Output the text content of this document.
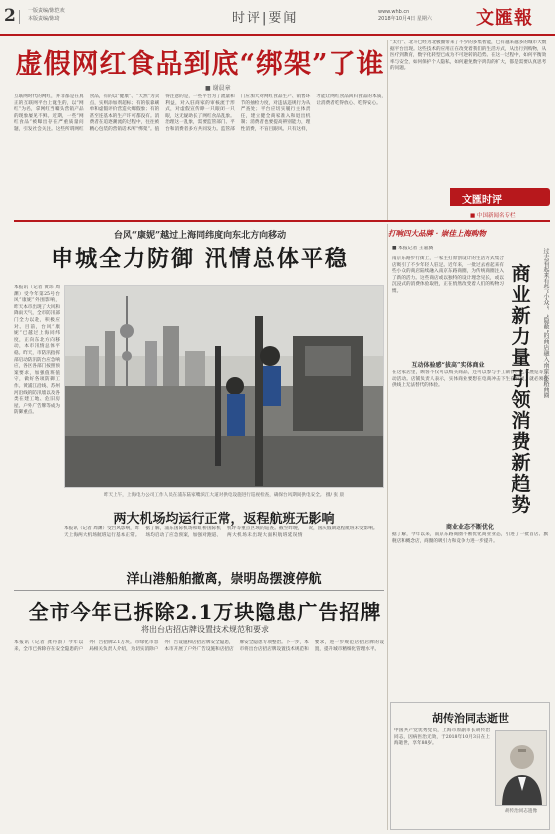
2	一版责编/陈恺欢
本版责编/陈琦	时评|要闻	www.whb.cn
2018年10月4日 星期六	文匯報
虚假网红食品到底“绑架”了谁
■ 谢晨章
互联网时代的网红，并非都是在真正的互联网平台上诞生的，以“网红”为名，拿网红当噱头营销产品的现象屡见不鲜。近期，一些“网红食品”被曝出存在严重质量问题，引发社会关注。这些所谓网红食品，有的以“健康”、“天然”为卖点，实则添加剂超标；有的依靠刷单和虚假评价营造火爆假象；有的甚至连基本的生产许可都没有。消费者在追逐潮流的过程中，往往被精心包装的营销话术所“绑架”。值得注意的是，一些平台为了流量和利益，对入驻商家的审核流于形式，对虚假宣传睁一只眼闭一只眼，这无疑助长了网红食品乱象。治理这一乱象，需要监管部门、平台和消费者多方共同发力。监管部门应加大对网红食品生产、销售环节的抽检力度，对违法违规行为从严查处；平台应切实履行主体责任，建立健全商家准入和退出机制；消费者也要提高辨别能力，理性消费，不盲目跟风。只有这样，才能让网红食品回归食品的本质，让消费者吃得放心、吃得安心。
“太行”、北斗已经为北极圈带来了不少的多集智能，已有越来越多的城市大数据平台出现。这些技术的应用正在改变着我们的生活方式，从出行到购物，从医疗到教育，数字化转型已成为不可逆转的趋势。在这一过程中，如何平衡效率与安全，如何保护个人隐私，如何避免数字鸿沟的扩大，都是需要认真思考的问题。
文匯时评
■ 中国新闻名专栏
台风“康妮”越过上海同纬度向东北方向移动
申城全力防御 汛情总体平稳
本报讯（记者 黄玮 周渊）受今年第25号台风“康妮”外围影响，昨天本市出现了大风和降雨天气，全市防汛部门全力以赴，积极应对。目前，台风“康妮”已越过上海同纬度，正向东北方向移动，本市汛情总体平稳。昨天，市防汛指挥部启动防汛防台应急响应，各区各部门按照预案要求，加强值班值守，做好各项防御工作。黄浦江沿线、苏州河沿线的防汛墙以及各类在建工地、危旧房屋、户外广告牌等成为防御重点。
昨天上午，上海电力公司工作人员在浦东陆家嘴滨江大道对供电设施进行巡视检查，确保台风期间供电安全。 摄/ 张 晨
两大机场均运行正常，返程航班无影响
本报讯（记者 周渊）受台风影响，昨天上海两大机场航班运行基本正常。据了解，浦东国际机场和虹桥国际机场均启动了应急预案，加强对跑道、机坪等重点区域的巡查。截至昨晚，两大机场未出现大面积航班延误情况，国庆假期返程航班未受影响。
洋山港船舶撤离，崇明岛摆渡停航
全市今年已拆除2.1万块隐患广告招牌
将出台店招店牌设置技术规范和要求
本报讯（记者 龚丹韵）今年以来，全市已拆除存在安全隐患的户外广告招牌2.1万块。市绿化市容局相关负责人介绍，为切实消除户外广告设施和店招店牌安全隐患，本市开展了户外广告设施和店招店牌安全隐患专项整治。下一步，本市将出台店招店牌设置技术规范和要求，进一步规范店招店牌的设置，提升城市精细化管理水平。
打响四大品牌 · 崇佳上海购物
■ 本报记者 王嘉旖	过去看起来有些“小众”、“隐蔽”的商店融入南京东路商圈
商业新力量引领消费新趋势
南京东路步行街上，一家主打原创设计的生活方式集合店吸引了不少年轻人驻足。近年来，一批过去看起来有些小众的商店陆续融入南京东路商圈，为传统商圈注入了新的活力。这些商店或以独特的设计理念见长，或以沉浸式的消费体验取胜，正在悄然改变着人们的购物习惯。
互动体验感“拔高”实体商业
在这家店里，顾客不仅可以购买商品，还可以参与手工制作、艺术展览等互动活动。店铺负责人表示，实体商业要想在电商冲击下生存发展，就必须提供线上无法替代的体验。
商业业态不断优化
据了解，今年以来，南京东路商圈不断优化商业业态，引进了一批首店、旗舰店和概念店，商圈的吸引力和竞争力进一步提升。
胡传治同志逝世
中国共产党优秀党员，上海市原副市长胡传治同志，因病医治无效，于2018年10月3日在上海逝世，享年88岁。
胡传治同志遗像
